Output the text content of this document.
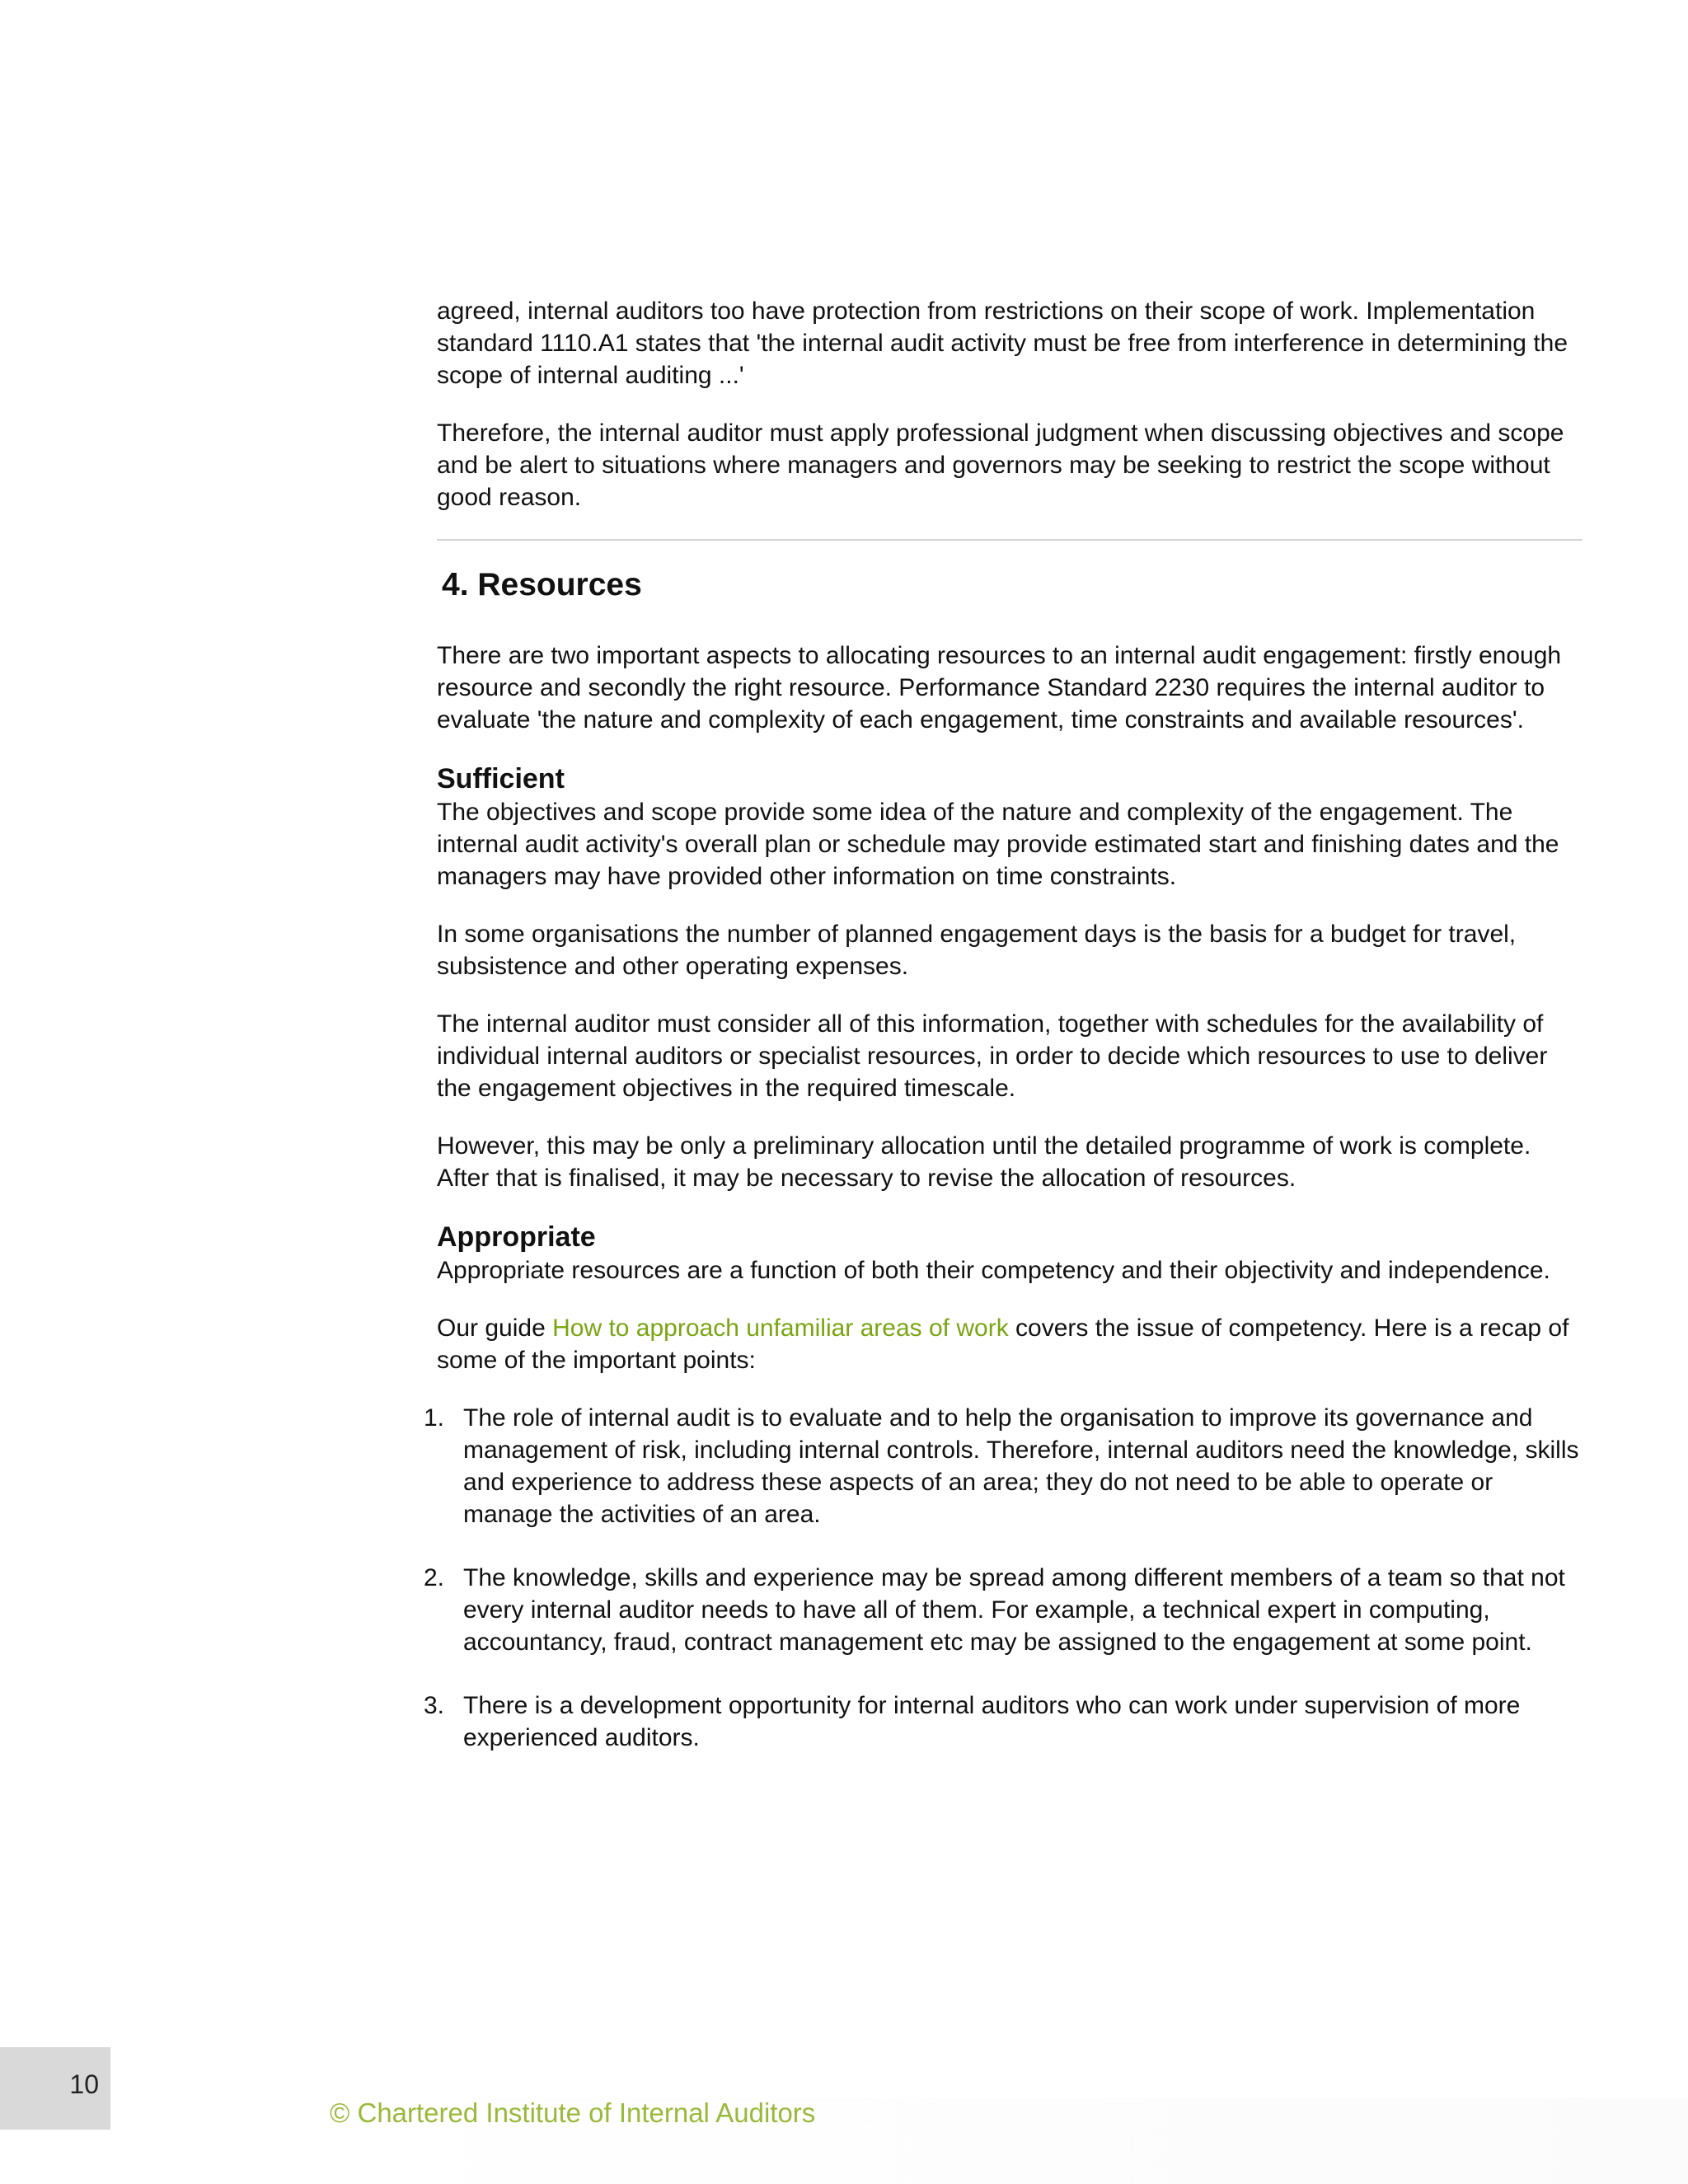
agreed, internal auditors too have protection from restrictions on their scope of work. Implementation standard 1110.A1 states that 'the internal audit activity must be free from interference in determining the scope of internal auditing ...'

Therefore, the internal auditor must apply professional judgment when discussing objectives and scope and be alert to situations where managers and governors may be seeking to restrict the scope without good reason.

4. Resources

There are two important aspects to allocating resources to an internal audit engagement: firstly enough resource and secondly the right resource. Performance Standard 2230 requires the internal auditor to evaluate 'the nature and complexity of each engagement, time constraints and available resources'.

Sufficient

The objectives and scope provide some idea of the nature and complexity of the engagement. The internal audit activity's overall plan or schedule may provide estimated start and finishing dates and the managers may have provided other information on time constraints.

In some organisations the number of planned engagement days is the basis for a budget for travel, subsistence and other operating expenses.

The internal auditor must consider all of this information, together with schedules for the availability of individual internal auditors or specialist resources, in order to decide which resources to use to deliver the engagement objectives in the required timescale.

However, this may be only a preliminary allocation until the detailed programme of work is complete. After that is finalised, it may be necessary to revise the allocation of resources.

Appropriate

Appropriate resources are a function of both their competency and their objectivity and independence.

Our guide How to approach unfamiliar areas of work covers the issue of competency. Here is a recap of some of the important points:

1. The role of internal audit is to evaluate and to help the organisation to improve its governance and management of risk, including internal controls. Therefore, internal auditors need the knowledge, skills and experience to address these aspects of an area; they do not need to be able to operate or manage the activities of an area.
2. The knowledge, skills and experience may be spread among different members of a team so that not every internal auditor needs to have all of them. For example, a technical expert in computing, accountancy, fraud, contract management etc may be assigned to the engagement at some point.
3. There is a development opportunity for internal auditors who can work under supervision of more experienced auditors.
10
© Chartered Institute of Internal Auditors
